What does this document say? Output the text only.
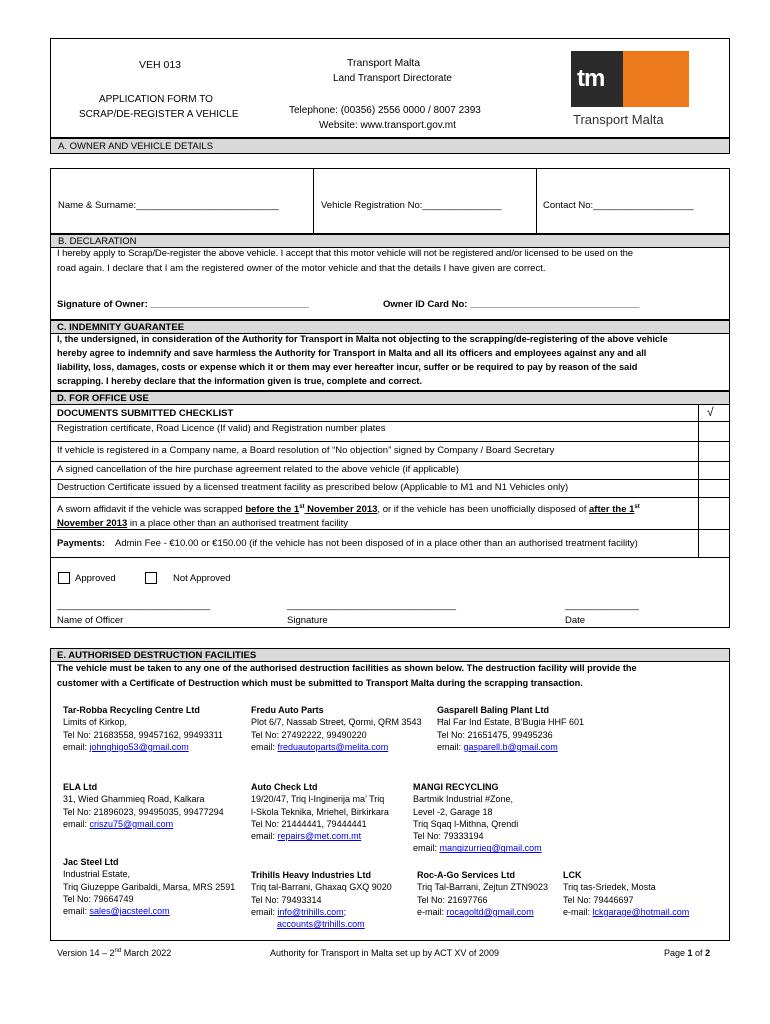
VEH 013
APPLICATION FORM TO
SCRAP/DE-REGISTER A VEHICLE
Transport Malta
Land Transport Directorate
Telephone: (00356) 2556 0000 / 8007 2393
Website: www.transport.gov.mt
tm
Transport Malta
A. OWNER AND VEHICLE DETAILS
Name & Surname:___________________________	Vehicle Registration No:_______________	Contact No:___________________
B. DECLARATION
I hereby apply to Scrap/De-register the above vehicle. I accept that this motor vehicle will not be registered and/or licensed to be used on the
road again. I declare that I am the registered owner of the motor vehicle and that the details I have given are correct.
Signature of Owner: ______________________________	Owner ID Card No: ________________________________
C. INDEMNITY GUARANTEE
I, the undersigned, in consideration of the Authority for Transport in Malta not objecting to the scrapping/de-registering of the above vehicle
hereby agree to indemnify and save harmless the Authority for Transport in Malta and all its officers and employees against any and all
liability, loss, damages, costs or expense which it or them may ever hereafter incur, suffer or be required to pay by reason of the said
scrapping. I hereby declare that the information given is true, complete and correct.
D. FOR OFFICE USE
DOCUMENTS SUBMITTED CHECKLIST	√
Registration certificate, Road Licence (If valid) and Registration number plates
If vehicle is registered in a Company name, a Board resolution of “No objection” signed by Company / Board Secretary
A signed cancellation of the hire purchase agreement related to the above vehicle (if applicable)
Destruction Certificate issued by a licensed treatment facility as prescribed below (Applicable to M1 and N1 Vehicles only)
A sworn affidavit if the vehicle was scrapped before the 1st November 2013, or if the vehicle has been unofficially disposed of after the 1st
November 2013 in a place other than an authorised treatment facility
Payments: Admin Fee - €10.00 or €150.00 (if the vehicle has not been disposed of in a place other than an authorised treatment facility)
Approved	Not Approved
_____________________________
Name of Officer
________________________________
Signature
______________
Date
E. AUTHORISED DESTRUCTION FACILITIES
The vehicle must be taken to any one of the authorised destruction facilities as shown below. The destruction facility will provide the
customer with a Certificate of Destruction which must be submitted to Transport Malta during the scrapping transaction.
Tar-Robba Recycling Centre Ltd
Limits of Kirkop,
Tel No: 21683558, 99457162, 99493311
email: johnghigo53@gmail.com
Fredu Auto Parts
Plot 6/7, Nassab Street, Qormi, QRM 3543
Tel No: 27492222, 99490220
email: freduautoparts@melita.com
Gasparell Baling Plant Ltd
Ħal Far Ind Estate, B’Bugia HHF 601
Tel No: 21651475, 99495236
email: gasparell.b@gmail.com
ELA Ltd
31, Wied Ghammieq Road, Kalkara
Tel No: 21896023, 99495035, 99477294
email: criszu75@gmail.com
Auto Check Ltd
19/20/47, Triq l-Inginerija ma’ Triq
l-Skola Teknika, Mriehel, Birkirkara
Tel No: 21444441, 79444441
email: repairs@met.com.mt
MANGI RECYCLING
Bartmik Industrial #Zone,
Level -2, Garage 18
Triq Sqaq l-Mithna, Qrendi
Tel No: 79333194
email: mangizurrieq@gmail.com
Jac Steel Ltd
Industrial Estate,
Triq Giuzeppe Garibaldi, Marsa, MRS 2591
Tel No: 79664749
email: sales@jacsteel.com
Trihills Heavy Industries Ltd
Triq tal-Barrani, Ghaxaq GXQ 9020
Tel No: 79493314
email: info@trihills.com;
accounts@trihills.com
Roc-A-Go Services Ltd
Triq Tal-Barrani, Zejtun ZTN9023
Tel No: 21697766
e-mail: rocagoltd@gmail.com
LCK
Triq tas-Sriedek, Mosta
Tel No: 79446697
e-mail: lckgarage@hotmail.com
Version 14 – 2nd March 2022	Authority for Transport in Malta set up by ACT XV of 2009	Page 1 of 2
